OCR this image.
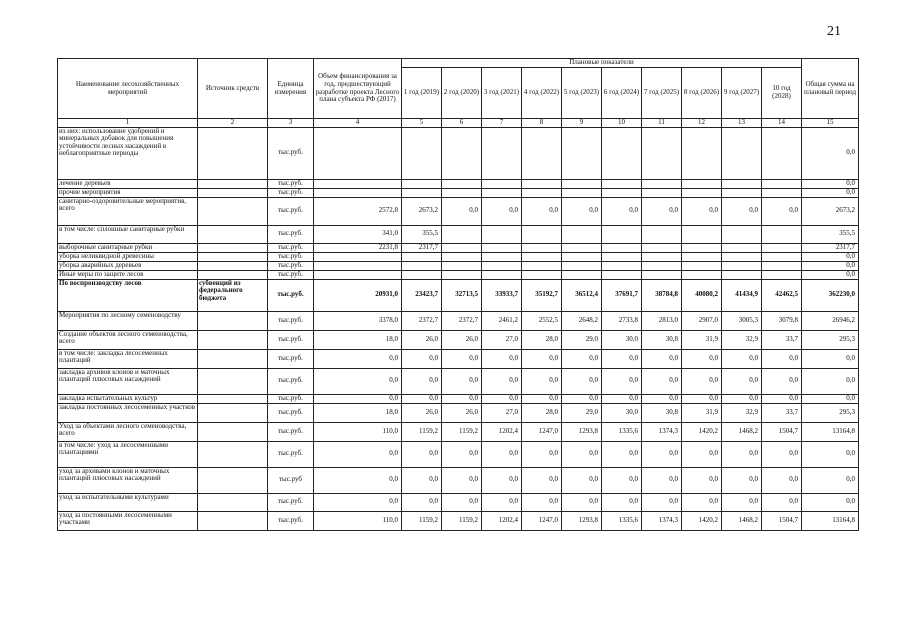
21
Наименование лесохозяйственных мероприятий	Источник средств	Единица измерения	Объем финансирования за год, предшествующий разработке проекта Лесного плана субъекта РФ (2017)	Плановые показатели										Общая сумма на плановый период
				1 год (2019)	2 год (2020)	3 год (2021)	4 год (2022)	5 год (2023)	6 год (2024)	7 год (2025)	8 год (2026)	9 год (2027)	10 год (2028)	
1	2	3	4	5	6	7	8	9	10	11	12	13	14	15
из них: использование удобрений и минеральных добавок для повышения устойчивости лесных насаждений в неблагоприятные периоды		тыс.руб.												0,0
лечение деревьев		тыс.руб.												0,0
прочие мероприятия		тыс.руб.												0,0
санитарно-оздоровительные мероприятия, всего		тыс.руб.	2572,8	2673,2	0,0	0,0	0,0	0,0	0,0	0,0	0,0	0,0	0,0	2673,2
в том числе: сплошные санитарные рубки		тыс.руб.	341,0	355,5										355,5
выборочные санитарные рубки		тыс.руб.	2231,8	2317,7										2317,7
уборка неликвидной древесины		тыс.руб.												0,0
уборка аварийных деревьев		тыс.руб.												0,0
Иные меры по защите лесов		тыс.руб.												0,0
По воспроизводству лесов	субвенций из федерального бюджета	тыс.руб.	20931,0	23423,7	32713,5	33933,7	35192,7	36512,4	37691,7	38784,8	40080,2	41434,9	42462,5	362230,0
Мероприятия по лесному семеноводству		тыс.руб.	3378,0	2372,7	2372,7	2461,2	2552,5	2648,2	2733,8	2813,0	2907,0	3005,3	3079,8	26946,2
Создание объектов лесного семеноводства, всего		тыс.руб.	18,0	26,0	26,0	27,0	28,0	29,0	30,0	30,8	31,9	32,9	33,7	295,3
в том числе: закладка лесосеменных плантаций		тыс.руб.	0,0	0,0	0,0	0,0	0,0	0,0	0,0	0,0	0,0	0,0	0,0	0,0
закладка архивов клонов и маточных плантаций плюсовых насаждений		тыс.руб.	0,0	0,0	0,0	0,0	0,0	0,0	0,0	0,0	0,0	0,0	0,0	0,0
закладка испытательных культур		тыс.руб.	0,0	0,0	0,0	0,0	0,0	0,0	0,0	0,0	0,0	0,0	0,0	0,0
закладка постоянных лесосеменных участков		тыс.руб.	18,0	26,0	26,0	27,0	28,0	29,0	30,0	30,8	31,9	32,9	33,7	295,3
Уход за объектами лесного семеноводства, всего		тыс.руб.	110,0	1159,2	1159,2	1202,4	1247,0	1293,8	1335,6	1374,3	1420,2	1468,2	1504,7	13164,8
в том числе: уход за лесосеменными плантациями		тыс.руб.	0,0	0,0	0,0	0,0	0,0	0,0	0,0	0,0	0,0	0,0	0,0	0,0
уход за архивами клонов и маточных плантаций плюсовых насаждений		тыс.руб	0,0	0,0	0,0	0,0	0,0	0,0	0,0	0,0	0,0	0,0	0,0	0,0
уход за испытательными культурами		тыс.руб.	0,0	0,0	0,0	0,0	0,0	0,0	0,0	0,0	0,0	0,0	0,0	0,0
уход за постоянными лесосеменными участками		тыс.руб.	110,0	1159,2	1159,2	1202,4	1247,0	1293,8	1335,6	1374,3	1420,2	1468,2	1504,7	13164,8
